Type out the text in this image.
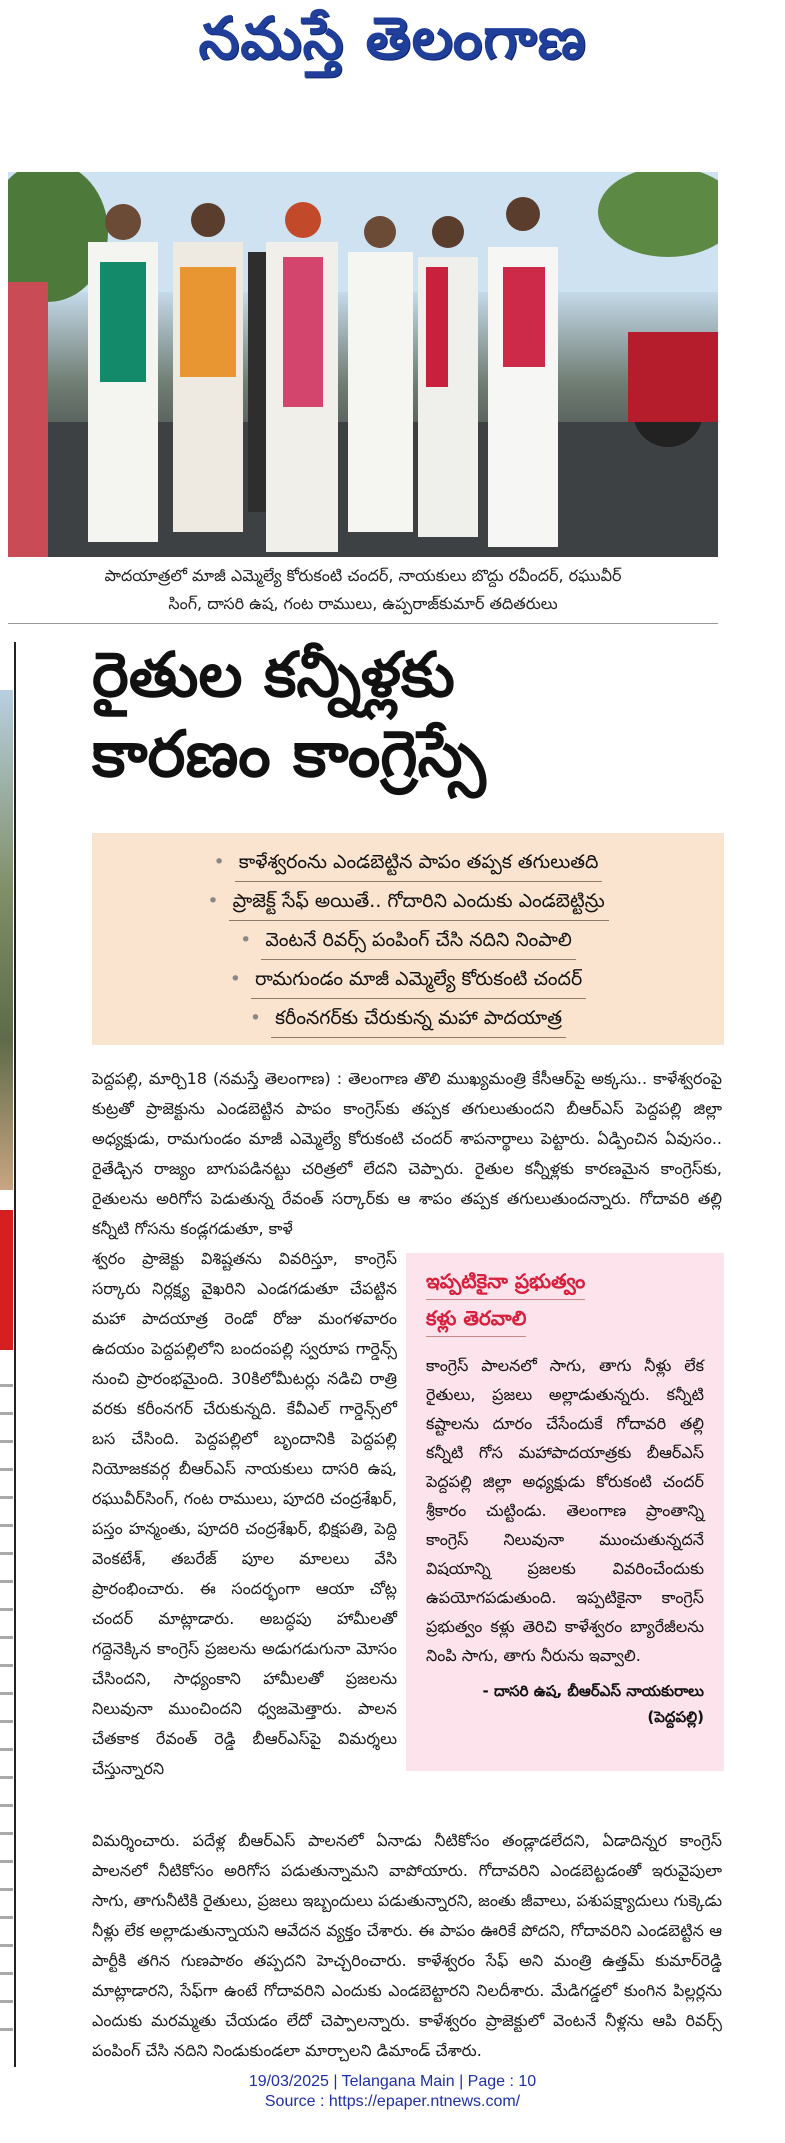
నమస్తే తెలంగాణ
పాదయాత్రలో మాజీ ఎమ్మెల్యే కోరుకంటి చందర్, నాయకులు బొద్దు రవీందర్, రఘువీర్
సింగ్, దాసరి ఉష, గంట రాములు, ఉప్పరాజ్‌కుమార్ తదితరులు
రైతుల కన్నీళ్లకు
కారణం కాంగ్రెస్సే
• కాళేశ్వరంను ఎండబెట్టిన పాపం తప్పక తగులుతది
• ప్రాజెక్ట్ సేఫ్ అయితే.. గోదారిని ఎందుకు ఎండబెట్టిన్రు
• వెంటనే రివర్స్ పంపింగ్ చేసి నదిని నింపాలి
• రామగుండం మాజీ ఎమ్మెల్యే కోరుకంటి చందర్
• కరీంనగర్‌కు చేరుకున్న మహా పాదయాత్ర

పెద్దపల్లి, మార్చి18 (నమస్తే తెలంగాణ) : తెలంగాణ తొలి ముఖ్యమంత్రి కేసీఆర్‌పై అక్కసు.. కాళేశ్వరంపై కుట్రతో ప్రాజెక్టును ఎండబెట్టిన పాపం కాంగ్రెస్‌కు తప్పక తగులుతుందని బీఆర్‌ఎస్ పెద్దపల్లి జిల్లా అధ్యక్షుడు, రామగుండం మాజీ ఎమ్మెల్యే కోరుకంటి చందర్ శాపనార్థాలు పెట్టారు. ఏడ్పించిన ఏవుసం.. రైతేడ్చిన రాజ్యం బాగుపడినట్టు చరిత్రలో లేదని చెప్పారు. రైతుల కన్నీళ్లకు కారణమైన కాంగ్రెస్‌కు, రైతులను అరిగోస పెడుతున్న రేవంత్ సర్కార్‌కు ఆ శాపం తప్పక తగులుతుందన్నారు. గోదావరి తల్లి కన్నీటి గోసను కండ్లగడుతూ, కాళే

శ్వరం ప్రాజెక్టు విశిష్టతను వివరిస్తూ, కాంగ్రెస్ సర్కారు నిర్లక్ష్య వైఖరిని ఎండగడుతూ చేపట్టిన మహా పాదయాత్ర రెండో రోజు మంగళవారం ఉదయం పెద్దపల్లిలోని బందంపల్లి స్వరూప గార్డెన్స్ నుంచి ప్రారంభమైంది. 30కిలోమీటర్లు నడిచి రాత్రి వరకు కరీంనగర్ చేరుకున్నది. కేవీఎల్ గార్డెన్స్‌లో బస చేసింది. పెద్దపల్లిలో బృందానికి పెద్దపల్లి నియోజకవర్గ బీఆర్‌ఎస్ నాయకులు దాసరి ఉష, రఘువీర్‌సింగ్, గంట రాములు, పూదరి చంద్రశేఖర్, పస్తం హన్మంతు, పూదరి చంద్రశేఖర్, భిక్షపతి, పెద్ది వెంకటేశ్, తబరేజ్ పూల మాలలు వేసి ప్రారంభించారు. ఈ సందర్భంగా ఆయా చోట్ల చందర్ మాట్లాడారు. అబద్ధపు హామీలతో గద్దెనెక్కిన కాంగ్రెస్ ప్రజలను అడుగడుగునా మోసం చేసిందని, సాధ్యంకాని హామీలతో ప్రజలను నిలువునా ముంచిందని ధ్వజమెత్తారు. పాలన చేతకాక రేవంత్ రెడ్డి బీఆర్‌ఎస్‌పై విమర్శలు చేస్తున్నారని

ఇప్పటికైనా ప్రభుత్వం
కళ్లు తెరవాలి

కాంగ్రెస్ పాలనలో సాగు, తాగు నీళ్లు లేక రైతులు, ప్రజలు అల్లాడుతున్నరు. కన్నీటి కష్టాలను దూరం చేసేందుకే గోదావరి తల్లి కన్నీటి గోస మహాపాదయాత్రకు బీఆర్‌ఎస్ పెద్దపల్లి జిల్లా అధ్యక్షుడు కోరుకంటి చందర్ శ్రీకారం చుట్టిండు. తెలంగాణ ప్రాంతాన్ని కాంగ్రెస్ నిలువునా ముంచుతున్నదనే విషయాన్ని ప్రజలకు వివరించేందుకు ఉపయోగపడుతుంది. ఇప్పటికైనా కాంగ్రెస్ ప్రభుత్వం కళ్లు తెరిచి కాళేశ్వరం బ్యారేజీలను నింపి సాగు, తాగు నీరును ఇవ్వాలి.

- దాసరి ఉష, బీఆర్‌ఎస్ నాయకురాలు
(పెద్దపల్లి)

విమర్శించారు. పదేళ్ల బీఆర్‌ఎస్ పాలనలో ఏనాడు నీటికోసం తండ్లాడలేదని, ఏడాదిన్నర కాంగ్రెస్ పాలనలో నీటికోసం అరిగోస పడుతున్నామని వాపోయారు. గోదావరిని ఎండబెట్టడంతో ఇరువైపులా సాగు, తాగునీటికి రైతులు, ప్రజలు ఇబ్బందులు పడుతున్నారని, జంతు జీవాలు, పశుపక్ష్యాదులు గుక్కెడు నీళ్లు లేక అల్లాడుతున్నాయని ఆవేదన వ్యక్తం చేశారు. ఈ పాపం ఊరికే పోదని, గోదావరిని ఎండబెట్టిన ఆ పార్టీకి తగిన గుణపాఠం తప్పదని హెచ్చరించారు. కాళేశ్వరం సేఫ్ అని మంత్రి ఉత్తమ్ కుమార్‌రెడ్డి మాట్లాడారని, సేఫ్‌గా ఉంటే గోదావరిని ఎందుకు ఎండబెట్టారని నిలదీశారు. మేడిగడ్డలో కుంగిన పిల్లర్లను ఎందుకు మరమ్మతు చేయడం లేదో చెప్పాలన్నారు. కాళేశ్వరం ప్రాజెక్టులో వెంటనే నీళ్లను ఆపి రివర్స్ పంపింగ్ చేసి నదిని నిండుకుండలా మార్చాలని డిమాండ్ చేశారు.

19/03/2025 | Telangana Main | Page : 10
Source : https://epaper.ntnews.com/
